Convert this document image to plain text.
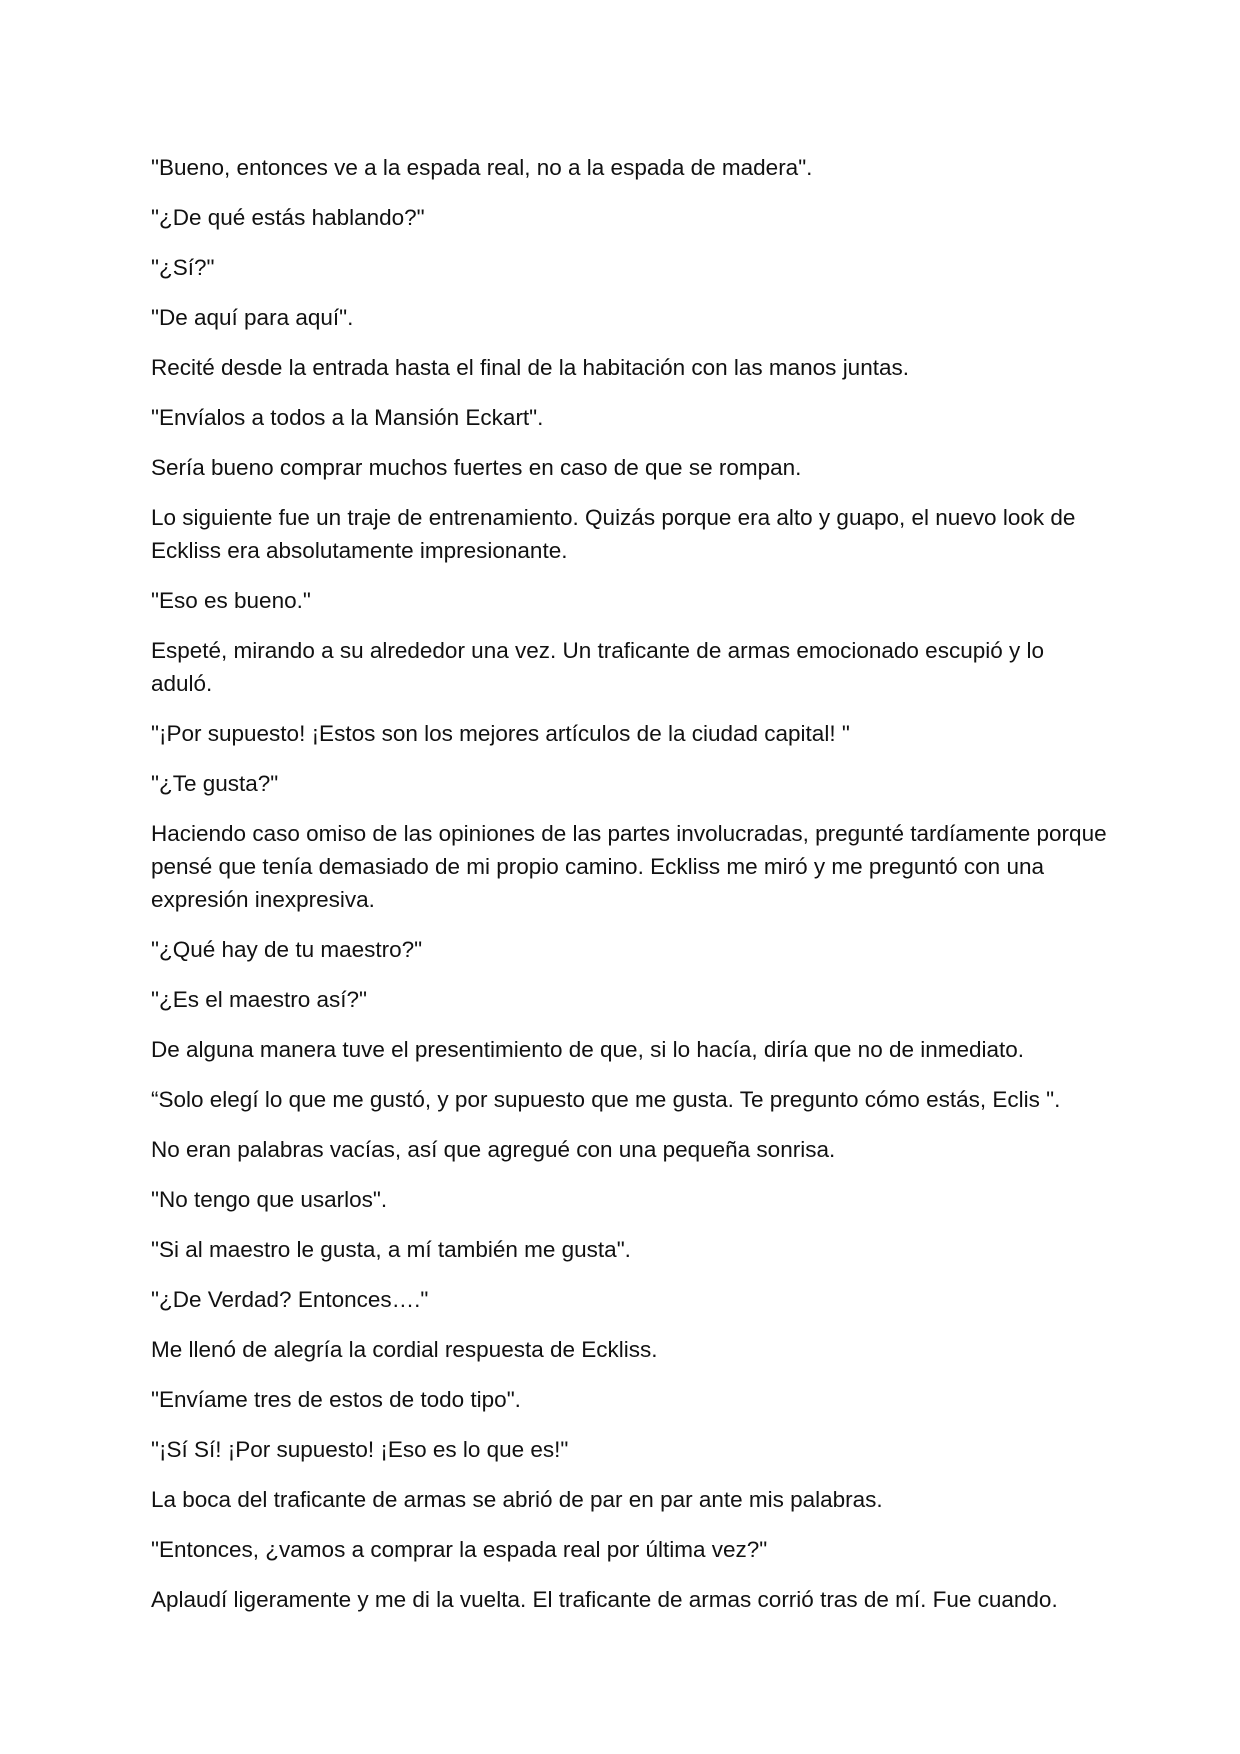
"Bueno, entonces ve a la espada real, no a la espada de madera".

"¿De qué estás hablando?"

"¿Sí?"

"De aquí para aquí".

Recité desde la entrada hasta el final de la habitación con las manos juntas.

"Envíalos a todos a la Mansión Eckart".

Sería bueno comprar muchos fuertes en caso de que se rompan.

Lo siguiente fue un traje de entrenamiento. Quizás porque era alto y guapo, el nuevo look de Eckliss era absolutamente impresionante.

"Eso es bueno."

Espeté, mirando a su alrededor una vez. Un traficante de armas emocionado escupió y lo aduló.

"¡Por supuesto! ¡Estos son los mejores artículos de la ciudad capital! "

"¿Te gusta?"

Haciendo caso omiso de las opiniones de las partes involucradas, pregunté tardíamente porque pensé que tenía demasiado de mi propio camino. Eckliss me miró y me preguntó con una expresión inexpresiva.

"¿Qué hay de tu maestro?"

"¿Es el maestro así?"

De alguna manera tuve el presentimiento de que, si lo hacía, diría que no de inmediato.

“Solo elegí lo que me gustó, y por supuesto que me gusta. Te pregunto cómo estás, Eclis ".

No eran palabras vacías, así que agregué con una pequeña sonrisa.

"No tengo que usarlos".

"Si al maestro le gusta, a mí también me gusta".

"¿De Verdad? Entonces…."

Me llenó de alegría la cordial respuesta de Eckliss.

"Envíame tres de estos de todo tipo".

"¡Sí Sí! ¡Por supuesto! ¡Eso es lo que es!"

La boca del traficante de armas se abrió de par en par ante mis palabras.

"Entonces, ¿vamos a comprar la espada real por última vez?"

Aplaudí ligeramente y me di la vuelta. El traficante de armas corrió tras de mí. Fue cuando.
